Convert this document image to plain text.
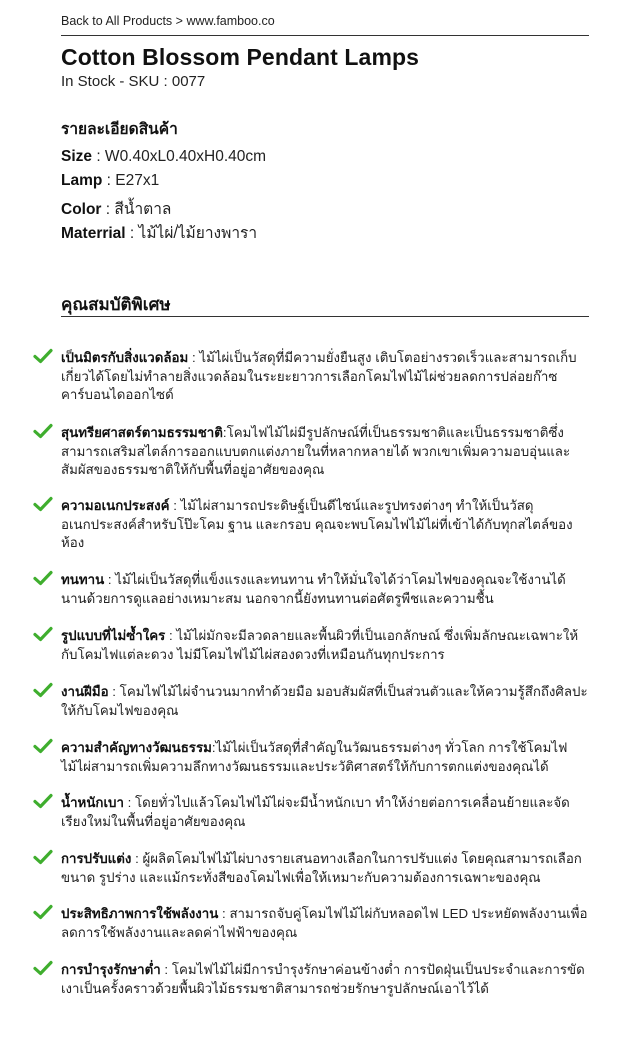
Back to All Products > www.famboo.co
Cotton Blossom Pendant Lamps
In Stock - SKU : 0077
รายละเอียดสินค้า
Size : W0.40xL0.40xH0.40cm
Lamp : E27x1
Color : สีน้ำตาล
Materrial : ไม้ไผ่/ไม้ยางพารา
คุณสมบัติพิเศษ
เป็นมิตรกับสิ่งแวดล้อม : ไม้ไผ่เป็นวัสดุที่มีความยั่งยืนสูง เติบโตอย่างรวดเร็วและสามารถเก็บเกี่ยวได้โดยไม่ทำลายสิ่งแวดล้อมในระยะยาวการเลือกโคมไฟไม้ไผ่ช่วยลดการปล่อยก๊าซคาร์บอนไดออกไซด์
สุนทรียศาสตร์ตามธรรมชาติ:โคมไฟไม้ไผ่มีรูปลักษณ์ที่เป็นธรรมชาติและเป็นธรรมชาติซึ่งสามารถเสริมสไตล์การออกแบบตกแต่งภายในที่หลากหลายได้ พวกเขาเพิ่มความอบอุ่นและสัมผัสของธรรมชาติให้กับพื้นที่อยู่อาศัยของคุณ
ความอเนกประสงค์ : ไม้ไผ่สามารถประดิษฐ์เป็นดีไซน์และรูปทรงต่างๆ ทำให้เป็นวัสดุอเนกประสงค์สำหรับโป๊ะโคม ฐาน และกรอบ คุณจะพบโคมไฟไม้ไผ่ที่เข้าได้กับทุกสไตล์ของห้อง
ทนทาน : ไม้ไผ่เป็นวัสดุที่แข็งแรงและทนทาน ทำให้มั่นใจได้ว่าโคมไฟของคุณจะใช้งานได้นานด้วยการดูแลอย่างเหมาะสม นอกจากนี้ยังทนทานต่อศัตรูพืชและความชื้น
รูปแบบที่ไม่ซ้ำใคร : ไม้ไผ่มักจะมีลวดลายและพื้นผิวที่เป็นเอกลักษณ์ ซึ่งเพิ่มลักษณะเฉพาะให้กับโคมไฟแต่ละดวง ไม่มีโคมไฟไม้ไผ่สองดวงที่เหมือนกันทุกประการ
งานฝีมือ : โคมไฟไม้ไผ่จำนวนมากทำด้วยมือ มอบสัมผัสที่เป็นส่วนตัวและให้ความรู้สึกถึงศิลปะให้กับโคมไฟของคุณ
ความสำคัญทางวัฒนธรรม:ไม้ไผ่เป็นวัสดุที่สำคัญในวัฒนธรรมต่างๆ ทั่วโลก การใช้โคมไฟไม้ไผ่สามารถเพิ่มความลึกทางวัฒนธรรมและประวัติศาสตร์ให้กับการตกแต่งของคุณได้
น้ำหนักเบา : โดยทั่วไปแล้วโคมไฟไม้ไผ่จะมีน้ำหนักเบา ทำให้ง่ายต่อการเคลื่อนย้ายและจัดเรียงใหม่ในพื้นที่อยู่อาศัยของคุณ
การปรับแต่ง : ผู้ผลิตโคมไฟไม้ไผ่บางรายเสนอทางเลือกในการปรับแต่ง โดยคุณสามารถเลือกขนาด รูปร่าง และแม้กระทั่งสีของโคมไฟเพื่อให้เหมาะกับความต้องการเฉพาะของคุณ
ประสิทธิภาพการใช้พลังงาน : สามารถจับคู่โคมไฟไม้ไผ่กับหลอดไฟ LED ประหยัดพลังงานเพื่อลดการใช้พลังงานและลดค่าไฟฟ้าของคุณ
การบำรุงรักษาต่ำ : โคมไฟไม้ไผ่มีการบำรุงรักษาค่อนข้างต่ำ การปัดฝุ่นเป็นประจำและการขัดเงาเป็นครั้งคราวด้วยพื้นผิวไม้ธรรมชาติสามารถช่วยรักษารูปลักษณ์เอาไว้ได้
